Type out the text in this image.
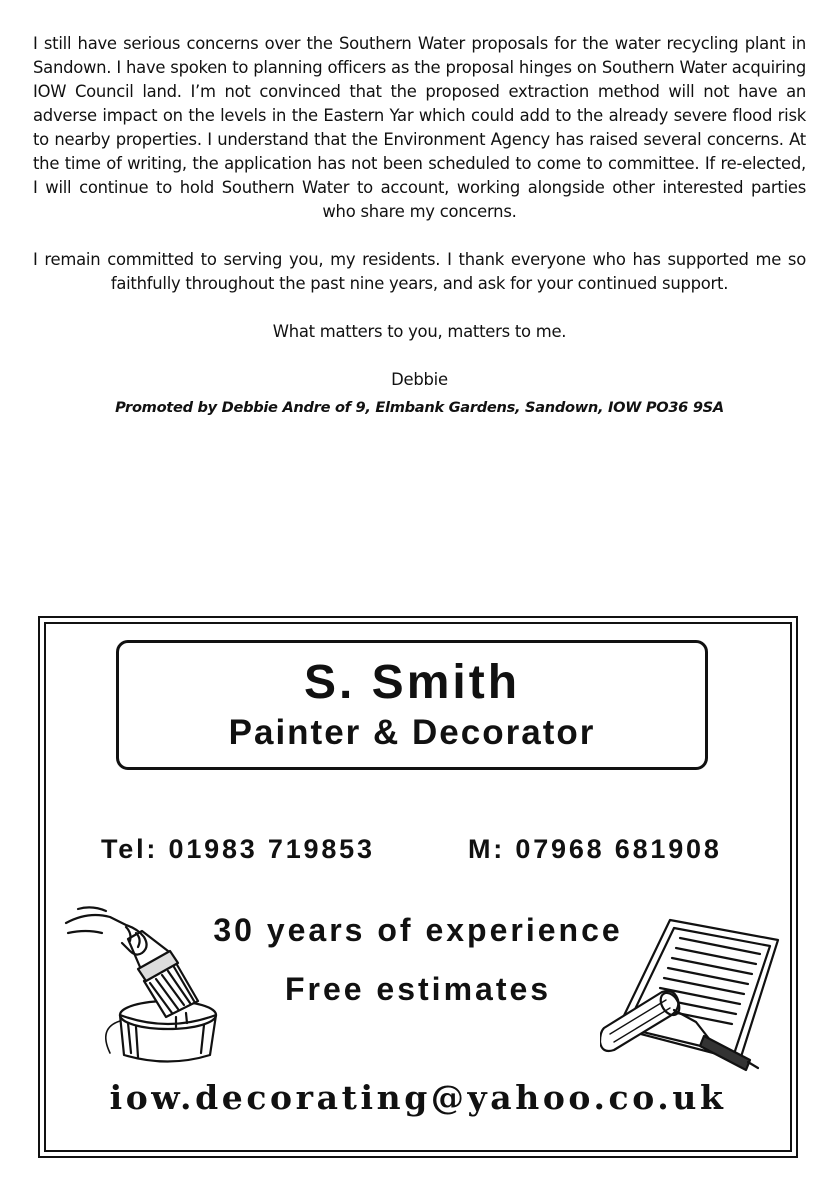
I still have serious concerns over the Southern Water proposals for the water recycling plant in Sandown. I have spoken to planning officers as the proposal hinges on Southern Water acquiring IOW Council land. I’m not convinced that the proposed extraction method will not have an adverse impact on the levels in the Eastern Yar which could add to the already severe flood risk to nearby properties. I understand that the Environment Agency has raised several concerns. At the time of writing, the application has not been scheduled to come to committee. If re-elected, I will continue to hold Southern Water to account, working alongside other interested parties who share my concerns.

I remain committed to serving you, my residents. I thank everyone who has supported me so faithfully throughout the past nine years, and ask for your continued support.

What matters to you, matters to me.

Debbie

Promoted by Debbie Andre of 9, Elmbank Gardens, Sandown, IOW PO36 9SA

S. Smith
Painter & Decorator
Tel: 01983 719853	M: 07968 681908
30 years of experience
Free estimates
iow.decorating@yahoo.co.uk
